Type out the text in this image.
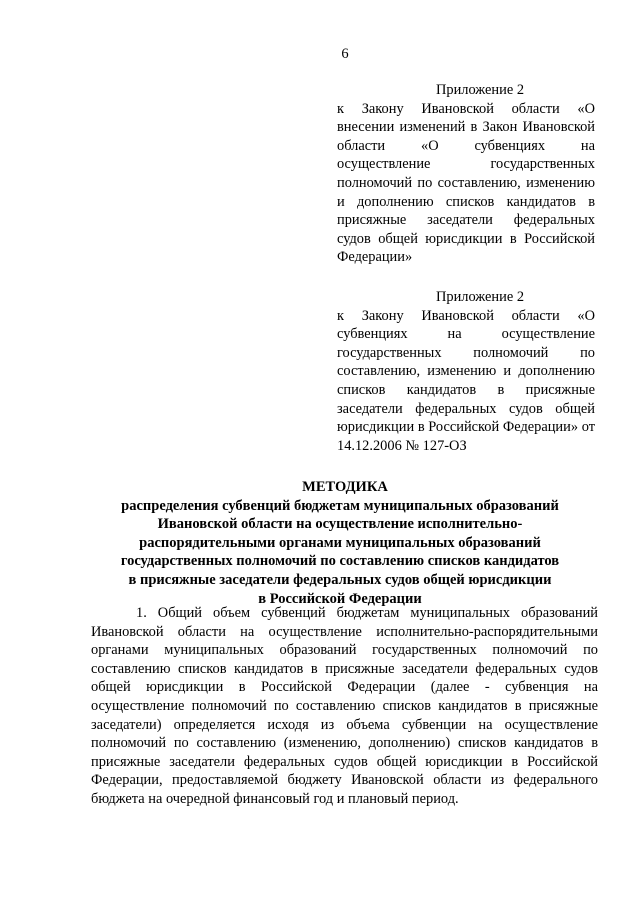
6
Приложение 2
к Закону Ивановской области «О внесении изменений в Закон Ивановской области «О субвенциях на осуществление государственных полномочий по составлению, изменению и дополнению списков кандидатов в присяжные заседатели федеральных судов общей юрисдикции в Российской Федерации»
Приложение 2
к Закону Ивановской области «О субвенциях на осуществление государственных полномочий по составлению, изменению и дополнению списков кандидатов в присяжные заседатели федеральных судов общей юрисдикции в Российской Федерации» от 14.12.2006 № 127-ОЗ
МЕТОДИКА
распределения субвенций бюджетам муниципальных образований
Ивановской области на осуществление исполнительно-
распорядительными органами муниципальных образований
государственных полномочий по составлению списков кандидатов
в присяжные заседатели федеральных судов общей юрисдикции
в Российской Федерации
1. Общий объем субвенций бюджетам муниципальных образований Ивановской области на осуществление исполнительно-распорядительными органами муниципальных образований государственных полномочий по составлению списков кандидатов в присяжные заседатели федеральных судов общей юрисдикции в Российской Федерации (далее - субвенция на осуществление полномочий по составлению списков кандидатов в присяжные заседатели) определяется исходя из объема субвенции на осуществление полномочий по составлению (изменению, дополнению) списков кандидатов в присяжные заседатели федеральных судов общей юрисдикции в Российской Федерации, предоставляемой бюджету Ивановской области из федерального бюджета на очередной финансовый год и плановый период.
